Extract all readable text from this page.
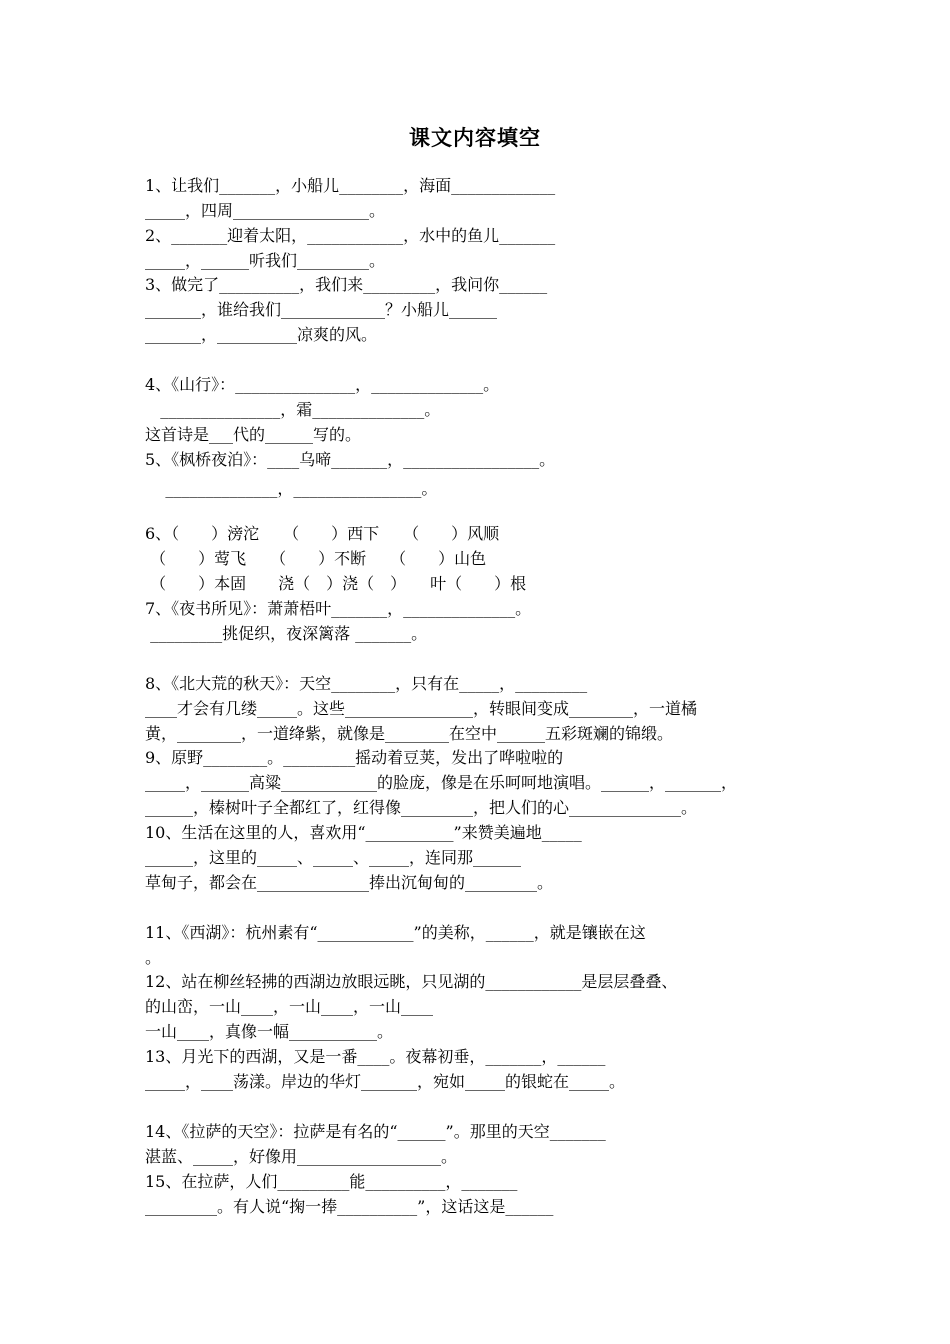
课文内容填空
1、让我们_______，小船儿________，海面_____________
_____，四周_________________。
2、_______迎着太阳，____________，水中的鱼儿_______
_____，______听我们_________。
3、做完了__________，我们来_________，我问你______
_______，谁给我们_____________？小船儿______
_______，__________凉爽的风。
4、《山行》：_______________，______________。
_______________，霜______________。
这首诗是___代的______写的。
5、《枫桥夜泊》：____乌啼_______，_________________。
______________，________________。
6、（　　）滂沱　　（　　）西下　　（　　）风顺
（　　）莺飞　　（　　）不断　　（　　）山色
（　　）本固　　浇（　）浇（　）　　叶（　　）根
7、《夜书所见》：萧萧梧叶_______，______________。
_________挑促织，夜深篱落 _______。
8、《北大荒的秋天》：天空________，只有在_____，_________
____才会有几缕_____。这些________________，转眼间变成________，一道橘
黄，________，一道绛紫，就像是________在空中______五彩斑斓的锦缎。
9、原野________。_________摇动着豆荚，发出了哗啦啦的
_____，______高粱____________的脸庞，像是在乐呵呵地演唱。______，_______，
______，榛树叶子全都红了，红得像_________，把人们的心______________。
10、生活在这里的人，喜欢用“___________”来赞美遍地_____
______，这里的_____、_____、_____，连同那______
草甸子，都会在______________捧出沉甸甸的_________。
11、《西湖》：杭州素有“____________”的美称，______，就是镶嵌在这
。
12、站在柳丝轻拂的西湖边放眼远眺，只见湖的____________是层层叠叠、
的山峦，一山____，一山____，一山____
一山____，真像一幅___________。
13、月光下的西湖，又是一番____。夜幕初垂，_______，______
_____，____荡漾。岸边的华灯_______，宛如_____的银蛇在_____。
14、《拉萨的天空》：拉萨是有名的“______”。那里的天空_______
湛蓝、_____，好像用__________________。
15、在拉萨，人们_________能__________，_______
_________。有人说“掬一捧__________”，这话这是______
